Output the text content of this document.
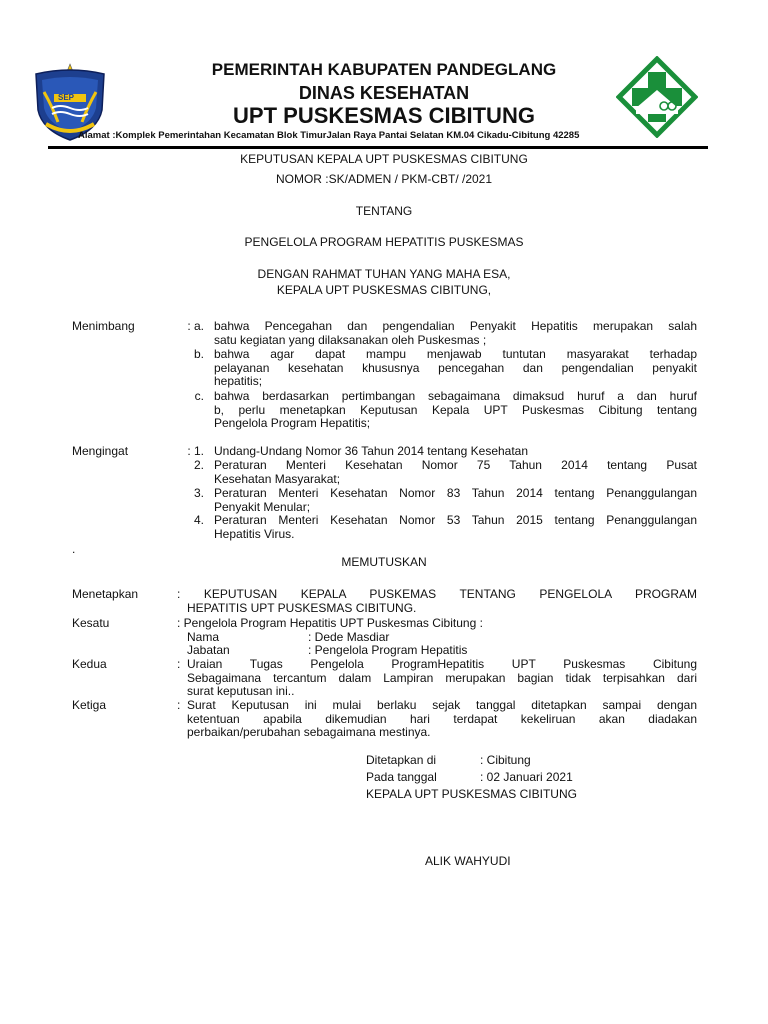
SEP
PEMERINTAH KABUPATEN PANDEGLANG
DINAS KESEHATAN
UPT PUSKESMAS CIBITUNG
Alamat :Komplek Pemerintahan Kecamatan Blok TimurJalan Raya Pantai Selatan KM.04 Cikadu-Cibitung 42285
KEPUTUSAN KEPALA UPT PUSKESMAS CIBITUNG
NOMOR :SK/ADMEN / PKM-CBT/ /2021
TENTANG
PENGELOLA PROGRAM HEPATITIS PUSKESMAS
DENGAN RAHMAT TUHAN YANG MAHA ESA,
KEPALA UPT PUSKESMAS CIBITUNG,
Menimbang	: a. bahwa Pencegahan dan pengendalian Penyakit Hepatitis merupakan salah
satu kegiatan yang dilaksanakan oleh Puskesmas ;
b. bahwa agar dapat mampu menjawab tuntutan masyarakat terhadap
pelayanan kesehatan khususnya pencegahan dan pengendalian penyakit
hepatitis;
c. bahwa berdasarkan pertimbangan sebagaimana dimaksud huruf a dan huruf
b, perlu menetapkan Keputusan Kepala UPT Puskesmas Cibitung tentang
Pengelola Program Hepatitis;
Mengingat	: 1. Undang-Undang Nomor 36 Tahun 2014 tentang Kesehatan
2. Peraturan Menteri Kesehatan Nomor 75 Tahun 2014 tentang Pusat
Kesehatan Masyarakat;
3. Peraturan Menteri Kesehatan Nomor 83 Tahun 2014 tentang Penanggulangan
Penyakit Menular;
4. Peraturan Menteri Kesehatan Nomor 53 Tahun 2015 tentang Penanggulangan
Hepatitis Virus.
.
MEMUTUSKAN
Menetapkan	: KEPUTUSAN KEPALA PUSKEMAS TENTANG PENGELOLA PROGRAM
HEPATITIS UPT PUSKESMAS CIBITUNG.
Kesatu	: Pengelola Program Hepatitis UPT Puskesmas Cibitung :
Nama	: Dede Masdiar
Jabatan	: Pengelola Program Hepatitis
Kedua	: Uraian Tugas Pengelola ProgramHepatitis UPT Puskesmas Cibitung
Sebagaimana tercantum dalam Lampiran merupakan bagian tidak terpisahkan dari
surat keputusan ini..
Ketiga	: Surat Keputusan ini mulai berlaku sejak tanggal ditetapkan sampai dengan
ketentuan apabila dikemudian hari terdapat kekeliruan akan diadakan
perbaikan/perubahan sebagaimana mestinya.
Ditetapkan di	: Cibitung
Pada tanggal	: 02 Januari 2021
KEPALA UPT PUSKESMAS CIBITUNG
ALIK WAHYUDI
